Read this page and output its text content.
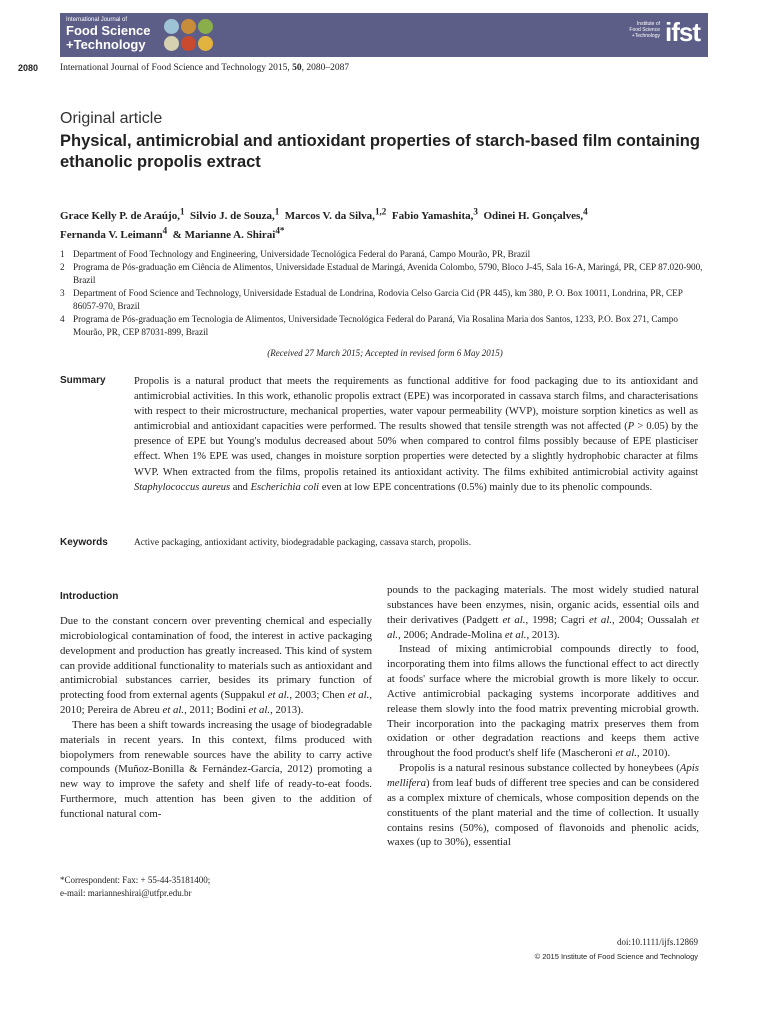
International Journal of
Food Science
+Technology
Institute of
Food Science
+Technology ifst
2080 International Journal of Food Science and Technology 2015, 50, 2080–2087
Original article
Physical, antimicrobial and antioxidant properties of starch-based film containing ethanolic propolis extract
Grace Kelly P. de Araújo,$^1$ Silvio J. de Souza,$^1$ Marcos V. da Silva,$^{1,2}$ Fabio Yamashita,$^3$ Odinei H. Gonçalves,$^4$
Fernanda V. Leimann$^4$ & Marianne A. Shirai$^{4*}$
1 Department of Food Technology and Engineering, Universidade Tecnológica Federal do Paraná, Campo Mourão, PR, Brazil
2 Programa de Pós-graduação em Ciência de Alimentos, Universidade Estadual de Maringá, Avenida Colombo, 5790, Bloco J-45, Sala 16-A, Maringá, PR, CEP 87.020-900, Brazil
3 Department of Food Science and Technology, Universidade Estadual de Londrina, Rodovia Celso Garcia Cid (PR 445), km 380, P. O. Box 10011, Londrina, PR, CEP 86057-970, Brazil
4 Programa de Pós-graduação em Tecnologia de Alimentos, Universidade Tecnológica Federal do Paraná, Via Rosalina Maria dos Santos, 1233, P.O. Box 271, Campo Mourão, PR, CEP 87031-899, Brazil
(Received 27 March 2015; Accepted in revised form 6 May 2015)
Summary	Propolis is a natural product that meets the requirements as functional additive for food packaging due to its antioxidant and antimicrobial activities. In this work, ethanolic propolis extract (EPE) was incorporated in cassava starch films, and characterisations with respect to their microstructure, mechanical properties, water vapour permeability (WVP), moisture sorption kinetics as well as antimicrobial and antioxidant capacities were performed. The results showed that tensile strength was not affected (P > 0.05) by the presence of EPE but Young's modulus decreased about 50% when compared to control films possibly because of EPE plasticiser effect. When 1% EPE was used, changes in moisture sorption properties were detected by a slightly hydrophobic character at films WVP. When extracted from the films, propolis retained its antioxidant activity. The films exhibited antimicrobial activity against Staphylococcus aureus and Escherichia coli even at low EPE concentrations (0.5%) mainly due to its phenolic compounds.
Keywords	Active packaging, antioxidant activity, biodegradable packaging, cassava starch, propolis.
Introduction

Due to the constant concern over preventing chemical and especially microbiological contamination of food, the interest in active packaging development and production has greatly increased. This kind of system can provide additional functionality to materials such as antioxidant and antimicrobial substances carrier, besides its primary function of protecting food from external agents (Suppakul et al., 2003; Chen et al., 2010; Pereira de Abreu et al., 2011; Bodini et al., 2013).

There has been a shift towards increasing the usage of biodegradable materials in recent years. In this context, films produced with biopolymers from renewable sources have the ability to carry active compounds (Muñoz-Bonilla & Fernández-García, 2012) promoting a new way to improve the safety and shelf life of ready-to-eat foods. Furthermore, much attention has been given to the addition of functional natural com-

pounds to the packaging materials. The most widely studied natural substances have been enzymes, nisin, organic acids, essential oils and their derivatives (Padgett et al., 1998; Cagri et al., 2004; Oussalah et al., 2006; Andrade-Molina et al., 2013).

Instead of mixing antimicrobial compounds directly to food, incorporating them into films allows the functional effect to act directly at foods' surface where the microbial growth is more likely to occur. Active antimicrobial packaging systems incorporate additives and release them slowly into the food matrix preventing microbial growth. Their incorporation into the packaging matrix preserves them from oxidation or other degradation reactions and keeps them active throughout the food product's shelf life (Mascheroni et al., 2010).

Propolis is a natural resinous substance collected by honeybees (Apis mellifera) from leaf buds of different tree species and can be considered as a complex mixture of chemicals, whose composition depends on the constituents of the plant material and the time of collection. It usually contains resins (50%), composed of flavonoids and phenolic acids, waxes (up to 30%), essential

*Correspondent: Fax: + 55-44-35181400;
e-mail: marianneshirai@utfpr.edu.br
doi:10.1111/ijfs.12869
© 2015 Institute of Food Science and Technology
